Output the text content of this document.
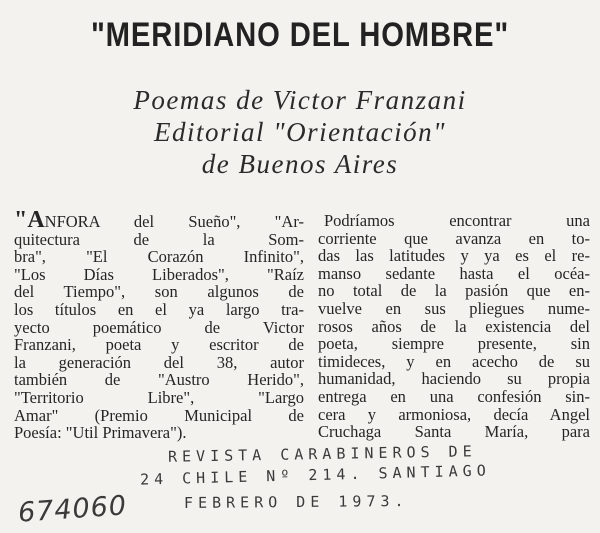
"MERIDIANO DEL HOMBRE"
Poemas de Victor Franzani
Editorial "Orientación"
de Buenos Aires
"ANFORA del Sueño", "Ar-
quitectura de la Som-
bra", "El Corazón Infinito",
"Los Días Liberados", "Raíz
del Tiempo", son algunos de
los títulos en el ya largo tra-
yecto poemático de Victor
Franzani, poeta y escritor de
la generación del 38, autor
también de "Austro Herido",
"Territorio Libre", "Largo
Amar" (Premio Municipal de
Poesía: "Util Primavera").
Podríamos encontrar una
corriente que avanza en to-
das las latitudes y ya es el re-
manso sedante hasta el océa-
no total de la pasión que en-
vuelve en sus pliegues nume-
rosos años de la existencia del
poeta, siempre presente, sin
timideces, y en acecho de su
humanidad, haciendo su propia
entrega en una confesión sin-
cera y armoniosa, decía Angel
Cruchaga Santa María, para
REVISTA CARABINEROS DE
24 CHILE Nº 214. SANTIAGO
FEBRERO DE 1973.
674060
